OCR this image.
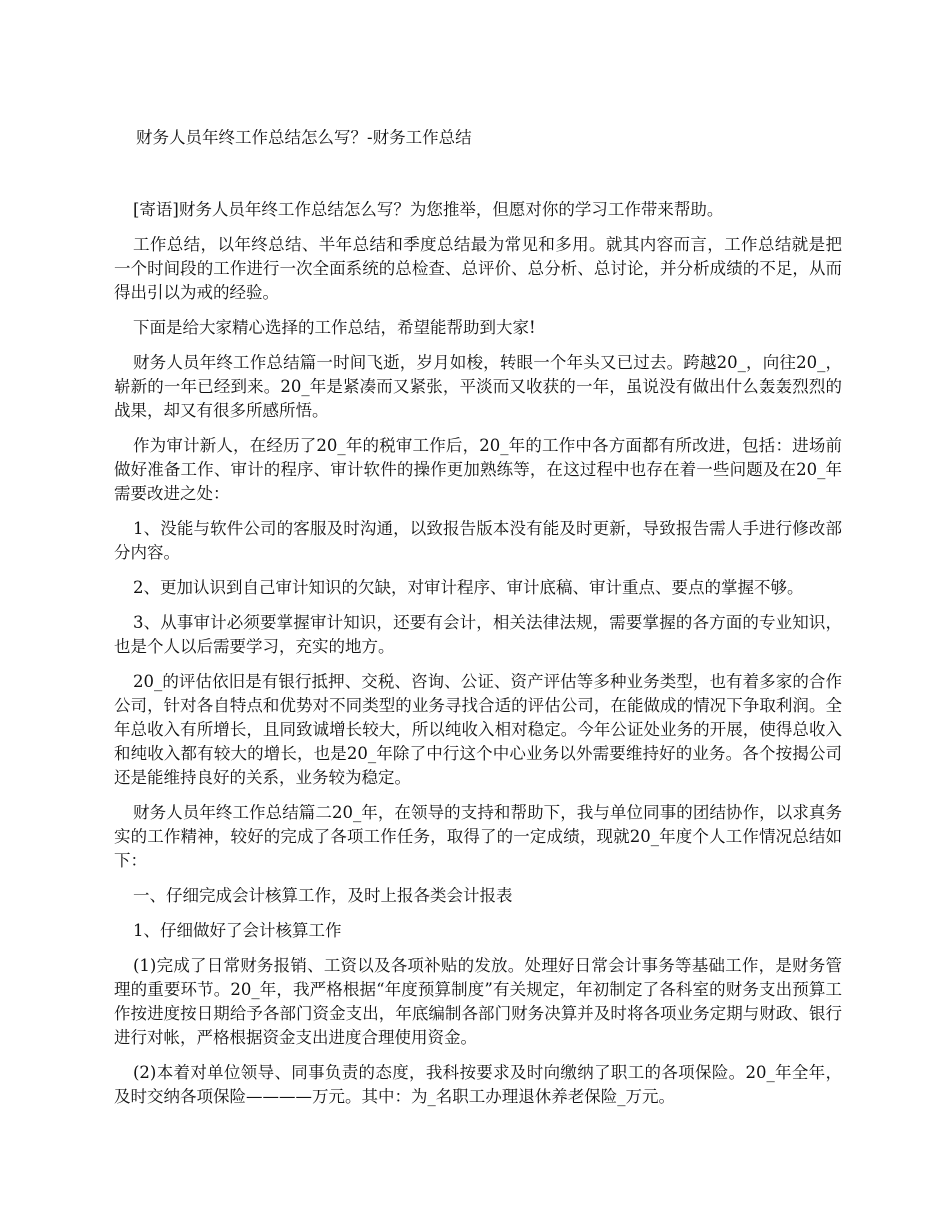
财务人员年终工作总结怎么写？-财务工作总结

[寄语]财务人员年终工作总结怎么写？为您推举，但愿对你的学习工作带来帮助。

工作总结，以年终总结、半年总结和季度总结最为常见和多用。就其内容而言，工作总结就是把一个时间段的工作进行一次全面系统的总检查、总评价、总分析、总讨论，并分析成绩的不足，从而得出引以为戒的经验。

下面是给大家精心选择的工作总结，希望能帮助到大家!

财务人员年终工作总结篇一时间飞逝，岁月如梭，转眼一个年头又已过去。跨越20_，向往20_，崭新的一年已经到来。20_年是紧凑而又紧张，平淡而又收获的一年，虽说没有做出什么轰轰烈烈的战果，却又有很多所感所悟。

作为审计新人，在经历了20_年的税审工作后，20_年的工作中各方面都有所改进，包括：进场前做好准备工作、审计的程序、审计软件的操作更加熟练等，在这过程中也存在着一些问题及在20_年需要改进之处：

1、没能与软件公司的客服及时沟通，以致报告版本没有能及时更新，导致报告需人手进行修改部分内容。

2、更加认识到自己审计知识的欠缺，对审计程序、审计底稿、审计重点、要点的掌握不够。

3、从事审计必须要掌握审计知识，还要有会计，相关法律法规，需要掌握的各方面的专业知识，也是个人以后需要学习，充实的地方。

20_的评估依旧是有银行抵押、交税、咨询、公证、资产评估等多种业务类型，也有着多家的合作公司，针对各自特点和优势对不同类型的业务寻找合适的评估公司，在能做成的情况下争取利润。全年总收入有所增长，且同致诚增长较大，所以纯收入相对稳定。今年公证处业务的开展，使得总收入和纯收入都有较大的增长，也是20_年除了中行这个中心业务以外需要维持好的业务。各个按揭公司还是能维持良好的关系，业务较为稳定。

财务人员年终工作总结篇二20_年，在领导的支持和帮助下，我与单位同事的团结协作，以求真务实的工作精神，较好的完成了各项工作任务，取得了的一定成绩，现就20_年度个人工作情况总结如下：

一、仔细完成会计核算工作，及时上报各类会计报表

1、仔细做好了会计核算工作

(1)完成了日常财务报销、工资以及各项补贴的发放。处理好日常会计事务等基础工作，是财务管理的重要环节。20_年，我严格根据“年度预算制度”有关规定，年初制定了各科室的财务支出预算工作按进度按日期给予各部门资金支出，年底编制各部门财务决算并及时将各项业务定期与财政、银行进行对帐，严格根据资金支出进度合理使用资金。

(2)本着对单位领导、同事负责的态度，我科按要求及时向缴纳了职工的各项保险。20_年全年，及时交纳各项保险————万元。其中：为_名职工办理退休养老保险_万元。
